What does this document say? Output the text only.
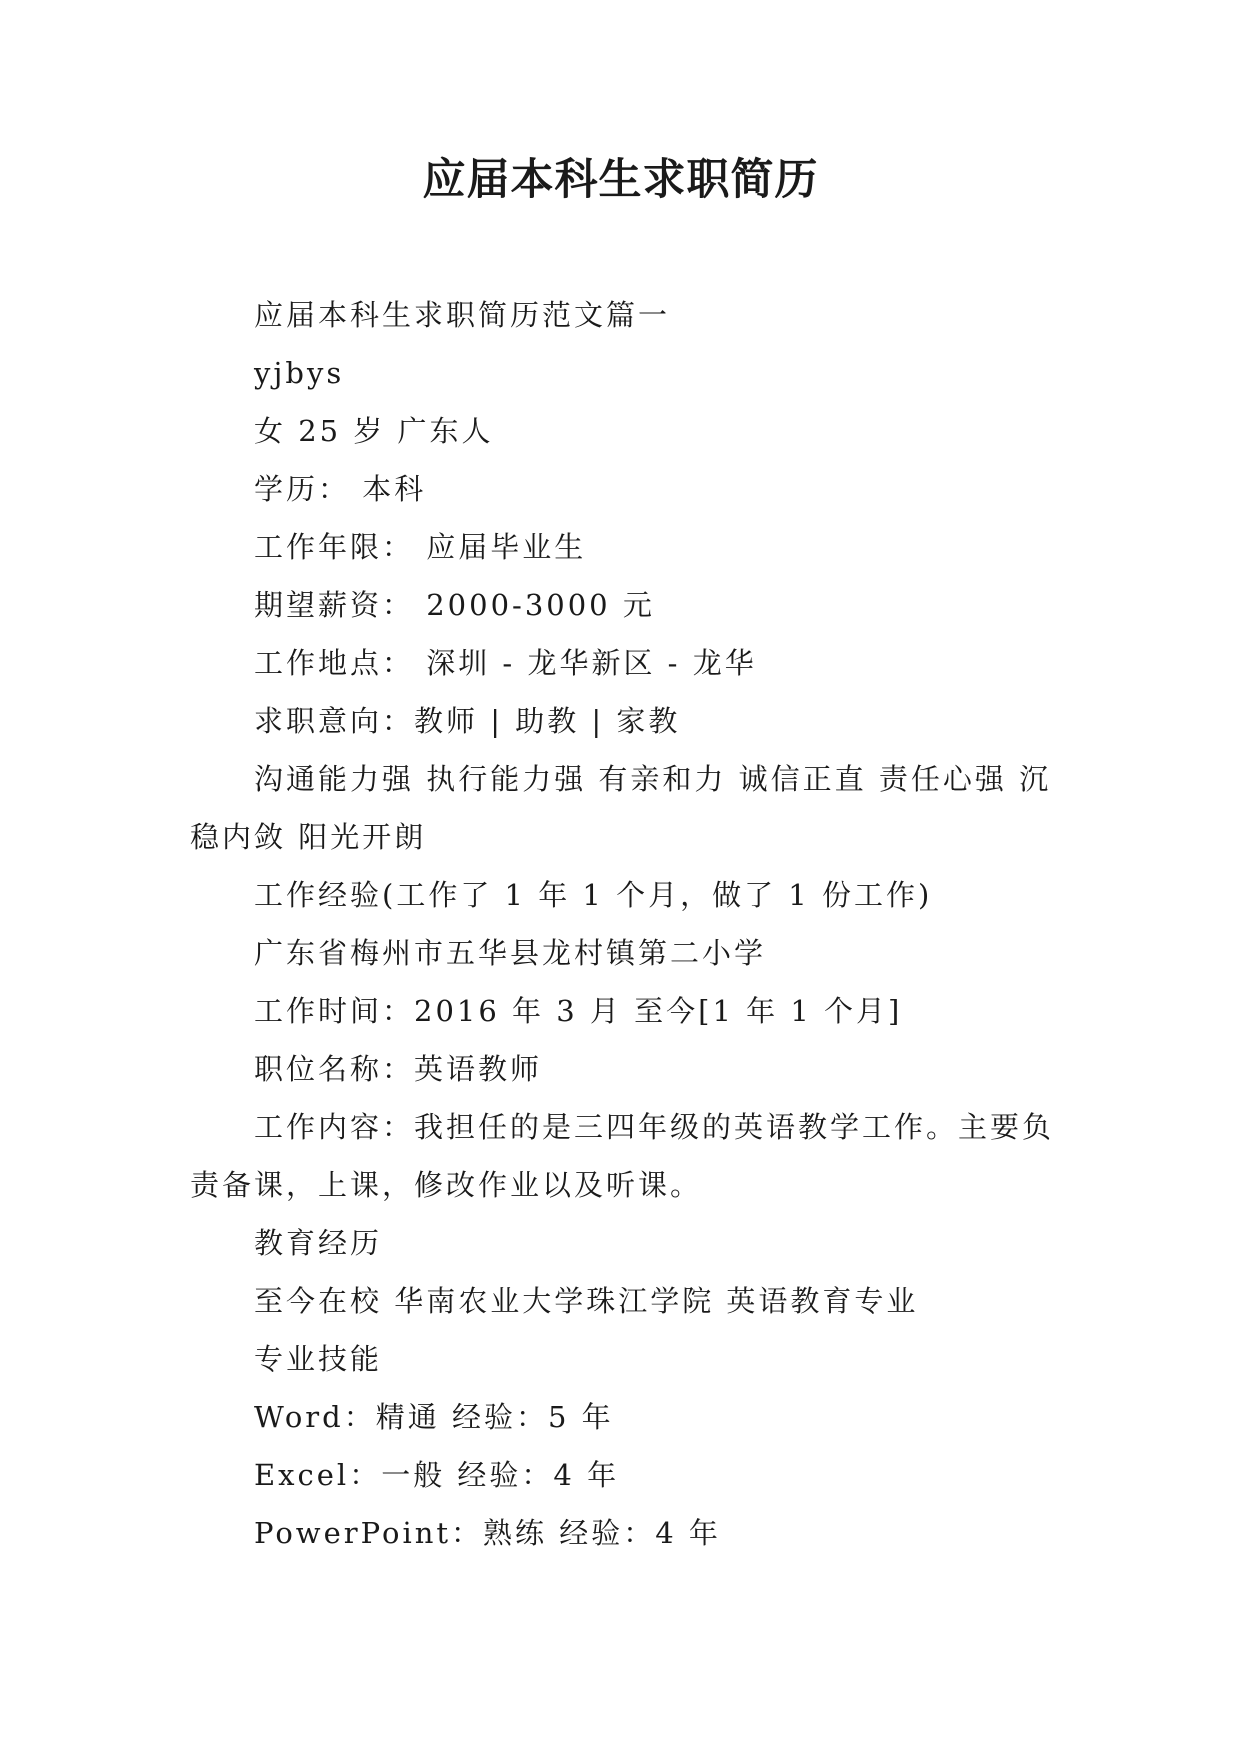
应届本科生求职简历

应届本科生求职简历范文篇一

yjbys

女 25 岁 广东人

学历： 本科

工作年限： 应届毕业生

期望薪资： 2000-3000 元

工作地点： 深圳 - 龙华新区 - 龙华

求职意向：教师 | 助教 | 家教

沟通能力强 执行能力强 有亲和力 诚信正直 责任心强 沉稳内敛 阳光开朗

工作经验(工作了 1 年 1 个月，做了 1 份工作)

广东省梅州市五华县龙村镇第二小学

工作时间：2016 年 3 月 至今[1 年 1 个月]

职位名称：英语教师

工作内容：我担任的是三四年级的英语教学工作。主要负责备课，上课，修改作业以及听课。

教育经历

至今在校 华南农业大学珠江学院 英语教育专业

专业技能

Word：精通 经验：5 年

Excel：一般 经验：4 年

PowerPoint：熟练 经验：4 年
